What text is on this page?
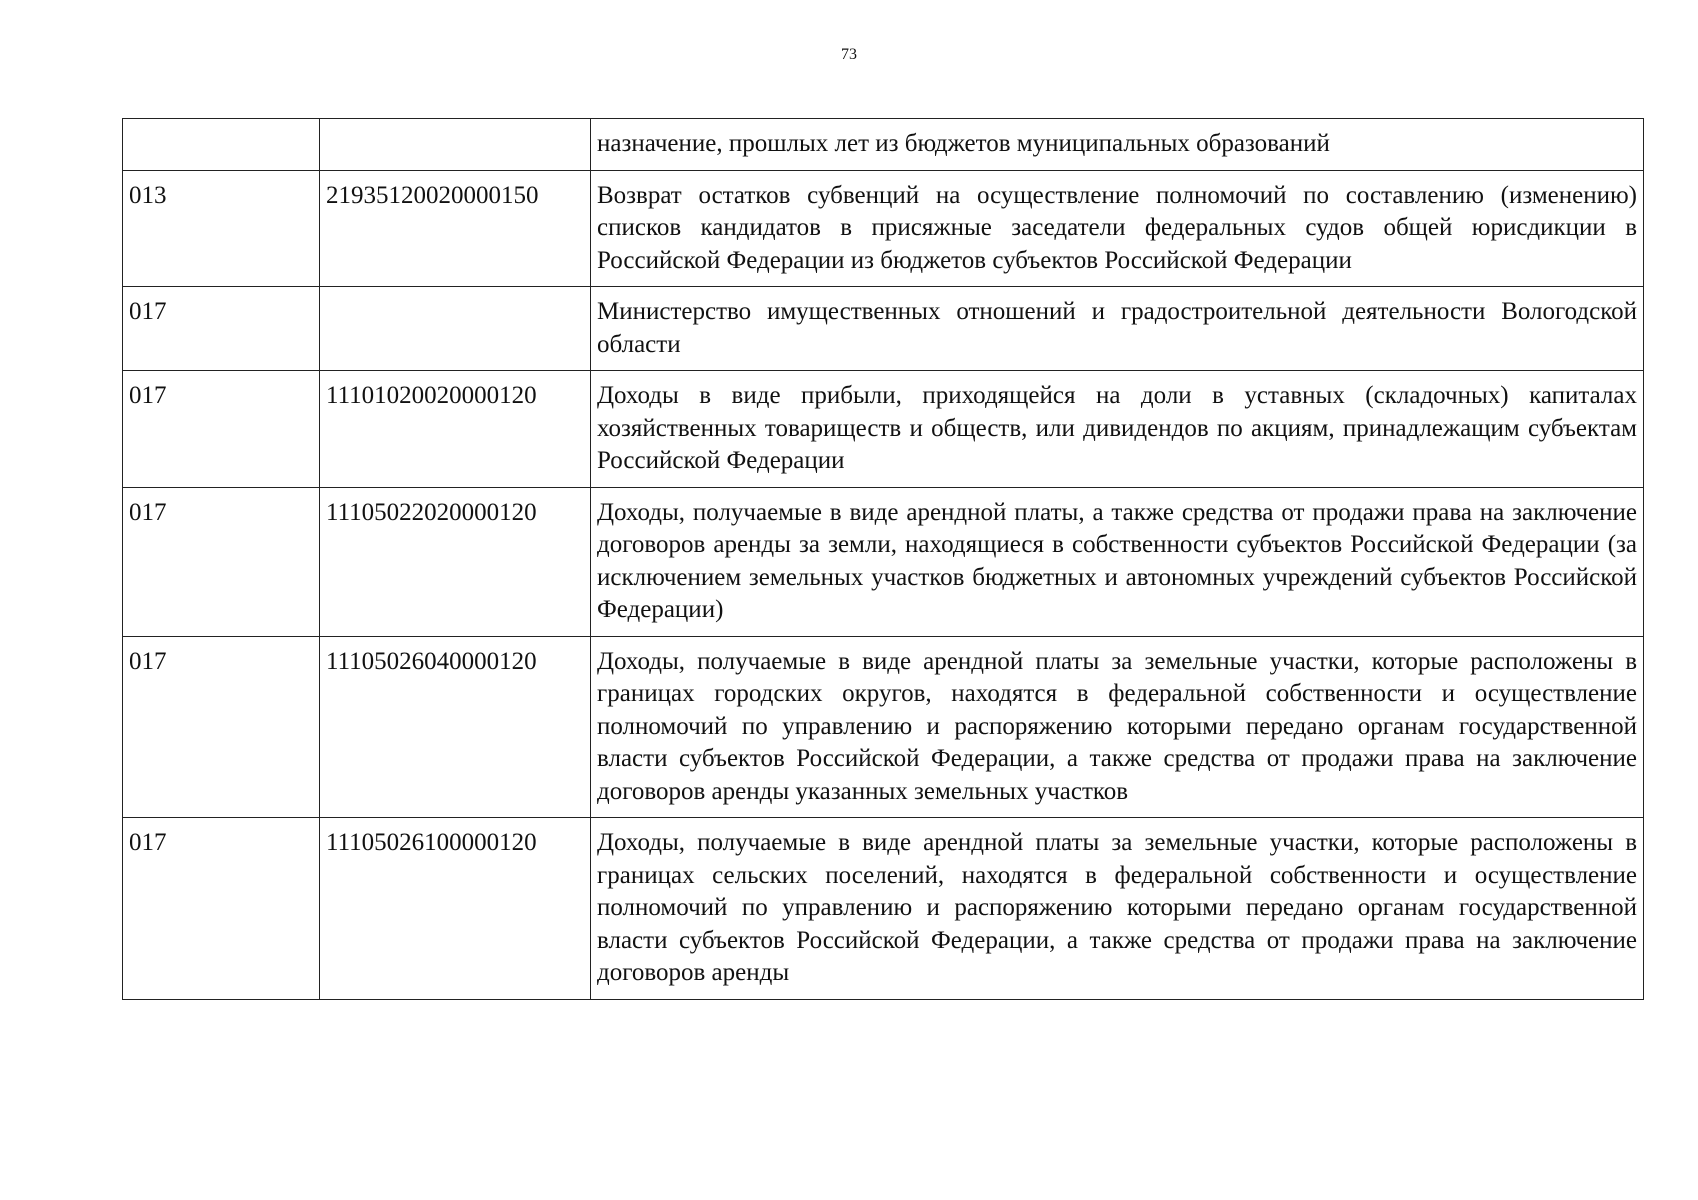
73
		назначение, прошлых лет из бюджетов муниципальных образований
013	21935120020000150	Возврат остатков субвенций на осуществление полномочий по составлению (изменению) списков кандидатов в присяжные заседатели федеральных судов общей юрисдикции в Российской Федерации из бюджетов субъектов Российской Федерации
017		Министерство имущественных отношений и градостроительной деятельности Вологодской области
017	11101020020000120	Доходы в виде прибыли, приходящейся на доли в уставных (складочных) капиталах хозяйственных товариществ и обществ, или дивидендов по акциям, принадлежащим субъектам Российской Федерации
017	11105022020000120	Доходы, получаемые в виде арендной платы, а также средства от продажи права на заключение договоров аренды за земли, находящиеся в собственности субъектов Российской Федерации (за исключением земельных участков бюджетных и автономных учреждений субъектов Российской Федерации)
017	11105026040000120	Доходы, получаемые в виде арендной платы за земельные участки, которые расположены в границах городских округов, находятся в федеральной собственности и осуществление полномочий по управлению и распоряжению которыми передано органам государственной власти субъектов Российской Федерации, а также средства от продажи права на заключение договоров аренды указанных земельных участков
017	11105026100000120	Доходы, получаемые в виде арендной платы за земельные участки, которые расположены в границах сельских поселений, находятся в федеральной собственности и осуществление полномочий по управлению и распоряжению которыми передано органам государственной власти субъектов Российской Федерации, а также средства от продажи права на заключение договоров аренды
